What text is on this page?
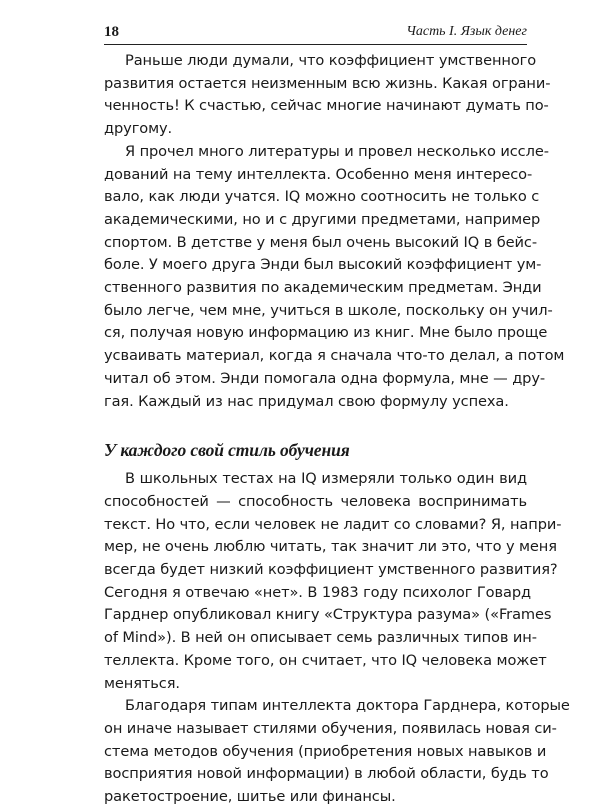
18	Часть I. Язык денег
Раньше люди думали, что коэффициент умственного
развития остается неизменным всю жизнь. Какая ограни-
ченность! К счастью, сейчас многие начинают думать по-
другому.
Я прочел много литературы и провел несколько иссле-
дований на тему интеллекта. Особенно меня интересо-
вало, как люди учатся. IQ можно соотносить не только с
академическими, но и с другими предметами, например
спортом. В детстве у меня был очень высокий IQ в бейс-
боле. У моего друга Энди был высокий коэффициент ум-
ственного развития по академическим предметам. Энди
было легче, чем мне, учиться в школе, поскольку он учил-
ся, получая новую информацию из книг. Мне было проще
усваивать материал, когда я сначала что-то делал, а потом
читал об этом. Энди помогала одна формула, мне — дру-
гая. Каждый из нас придумал свою формулу успеха.
У каждого свой стиль обучения
В школьных тестах на IQ измеряли только один вид
способностей — способность человека воспринимать
текст. Но что, если человек не ладит со словами? Я, напри-
мер, не очень люблю читать, так значит ли это, что у меня
всегда будет низкий коэффициент умственного развития?
Сегодня я отвечаю «нет». В 1983 году психолог Говард
Гарднер опубликовал книгу «Структура разума» («Frames
of Mind»). В ней он описывает семь различных типов ин-
теллекта. Кроме того, он считает, что IQ человека может
меняться.
Благодаря типам интеллекта доктора Гарднера, которые
он иначе называет стилями обучения, появилась новая си-
стема методов обучения (приобретения новых навыков и
восприятия новой информации) в любой области, будь то
ракетостроение, шитье или финансы.
